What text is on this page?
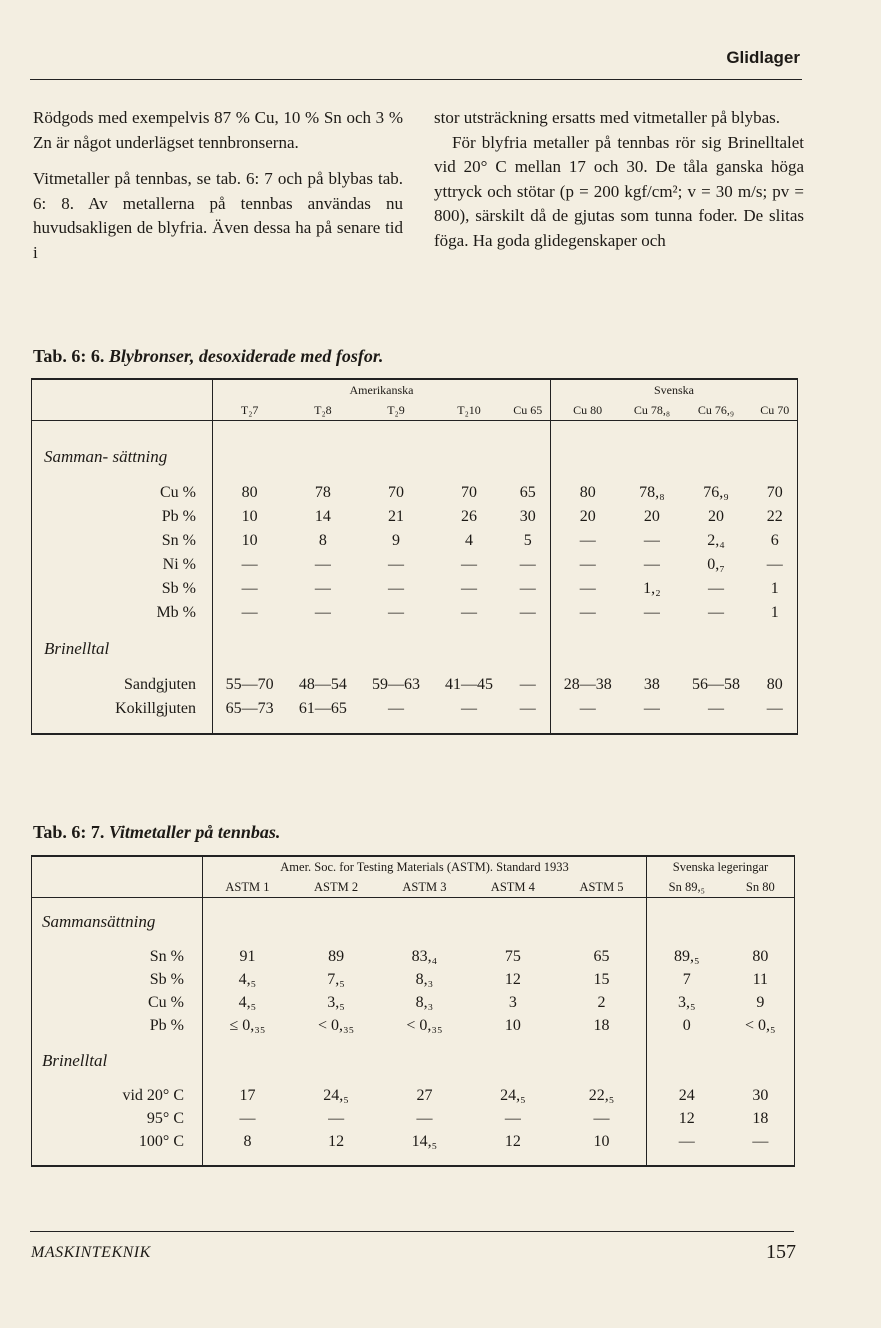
Glidlager

Rödgods med exempelvis 87 % Cu, 10 % Sn och 3 % Zn är något underlägset tennbronserna.

Vitmetaller på tennbas, se tab. 6: 7 och på blybas tab. 6: 8. Av metallerna på tennbas användas nu huvudsakligen de blyfria. Även dessa ha på senare tid i

stor utsträckning ersatts med vitmetaller på blybas.

För blyfria metaller på tennbas rör sig Brinelltalet vid 20° C mellan 17 och 30. De tåla ganska höga yttryck och stötar (p = 200 kgf/cm²; v = 30 m/s; pv = 800), särskilt då de gjutas som tunna foder. De slitas föga. Ha goda glidegenskaper och

Tab. 6: 6. Blybronser, desoxiderade med fosfor.
	Amerikanska					Svenska			
	T₂7	T₂8	T₂9	T₂10	Cu 65	Cu 80	Cu 78,₈	Cu 76,₉	Cu 70

Samman- sättning									

Cu %	80	78	70	70	65	80	78,₈	76,₉	70
Pb %	10	14	21	26	30	20	20	20	22
Sn %	10	8	9	4	5	—	—	2,₄	6
Ni %	—	—	—	—	—	—	—	0,₇	—
Sb %	—	—	—	—	—	—	1,₂	—	1
Mb %	—	—	—	—	—	—	—	—	1

Brinelltal									

Sandgjuten	55—70	48—54	59—63	41—45	—	28—38	38	56—58	80
Kokillgjuten	65—73	61—65	—	—	—	—	—	—	—

Tab. 6: 7. Vitmetaller på tennbas.
	Amer. Soc. for Testing Materials (ASTM). Standard 1933					Svenska legeringar	
	ASTM 1	ASTM 2	ASTM 3	ASTM 4	ASTM 5	Sn 89,₅	Sn 80

Sammansättning							

Sn %	91	89	83,₄	75	65	89,₅	80
Sb %	4,₅	7,₅	8,₃	12	15	7	11
Cu %	4,₅	3,₅	8,₃	3	2	3,₅	9
Pb %	≤ 0,₃₅	< 0,₃₅	< 0,₃₅	10	18	0	< 0,₅

Brinelltal							

vid 20° C	17	24,₅	27	24,₅	22,₅	24	30
95° C	—	—	—	—	—	12	18
100° C	8	12	14,₅	12	10	—	—

MASKINTEKNIK	157
